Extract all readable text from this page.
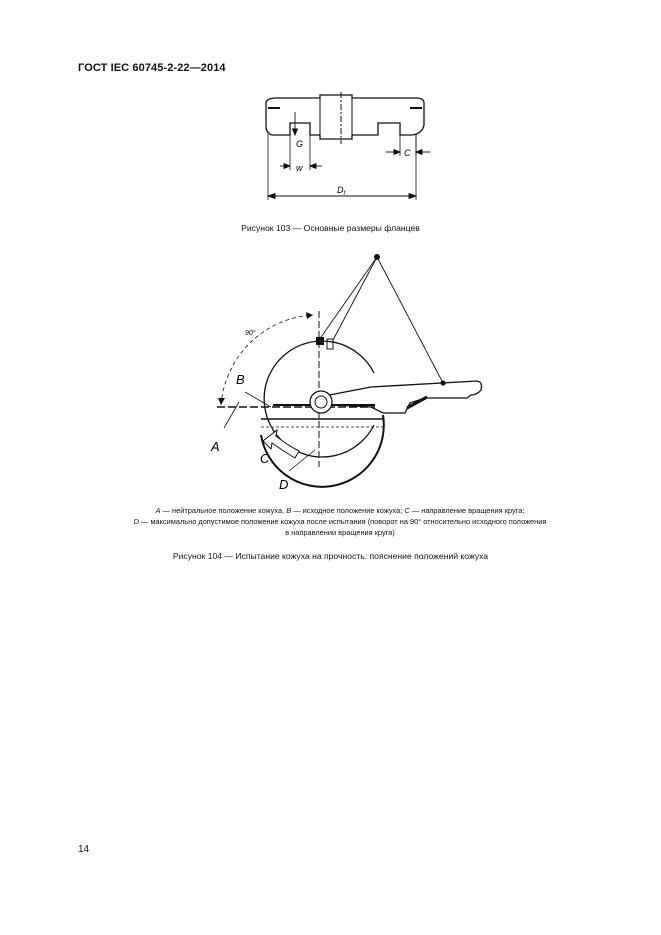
ГОСТ IEC 60745-2-22—2014
G
w
C
$D_f$
Рисунок 103 — Основные размеры фланцев
90°
B
A
C
D
A — нейтральное положение кожуха, B — исходное положение кожуха; C — направление вращения круга;
D — максимально допустимое положение кожуха после испытания (поворот на 90° относительно исходного положения
в направлении вращения круга)
Рисунок 104 — Испытание кожуха на прочность: пояснение положений кожуха
14
